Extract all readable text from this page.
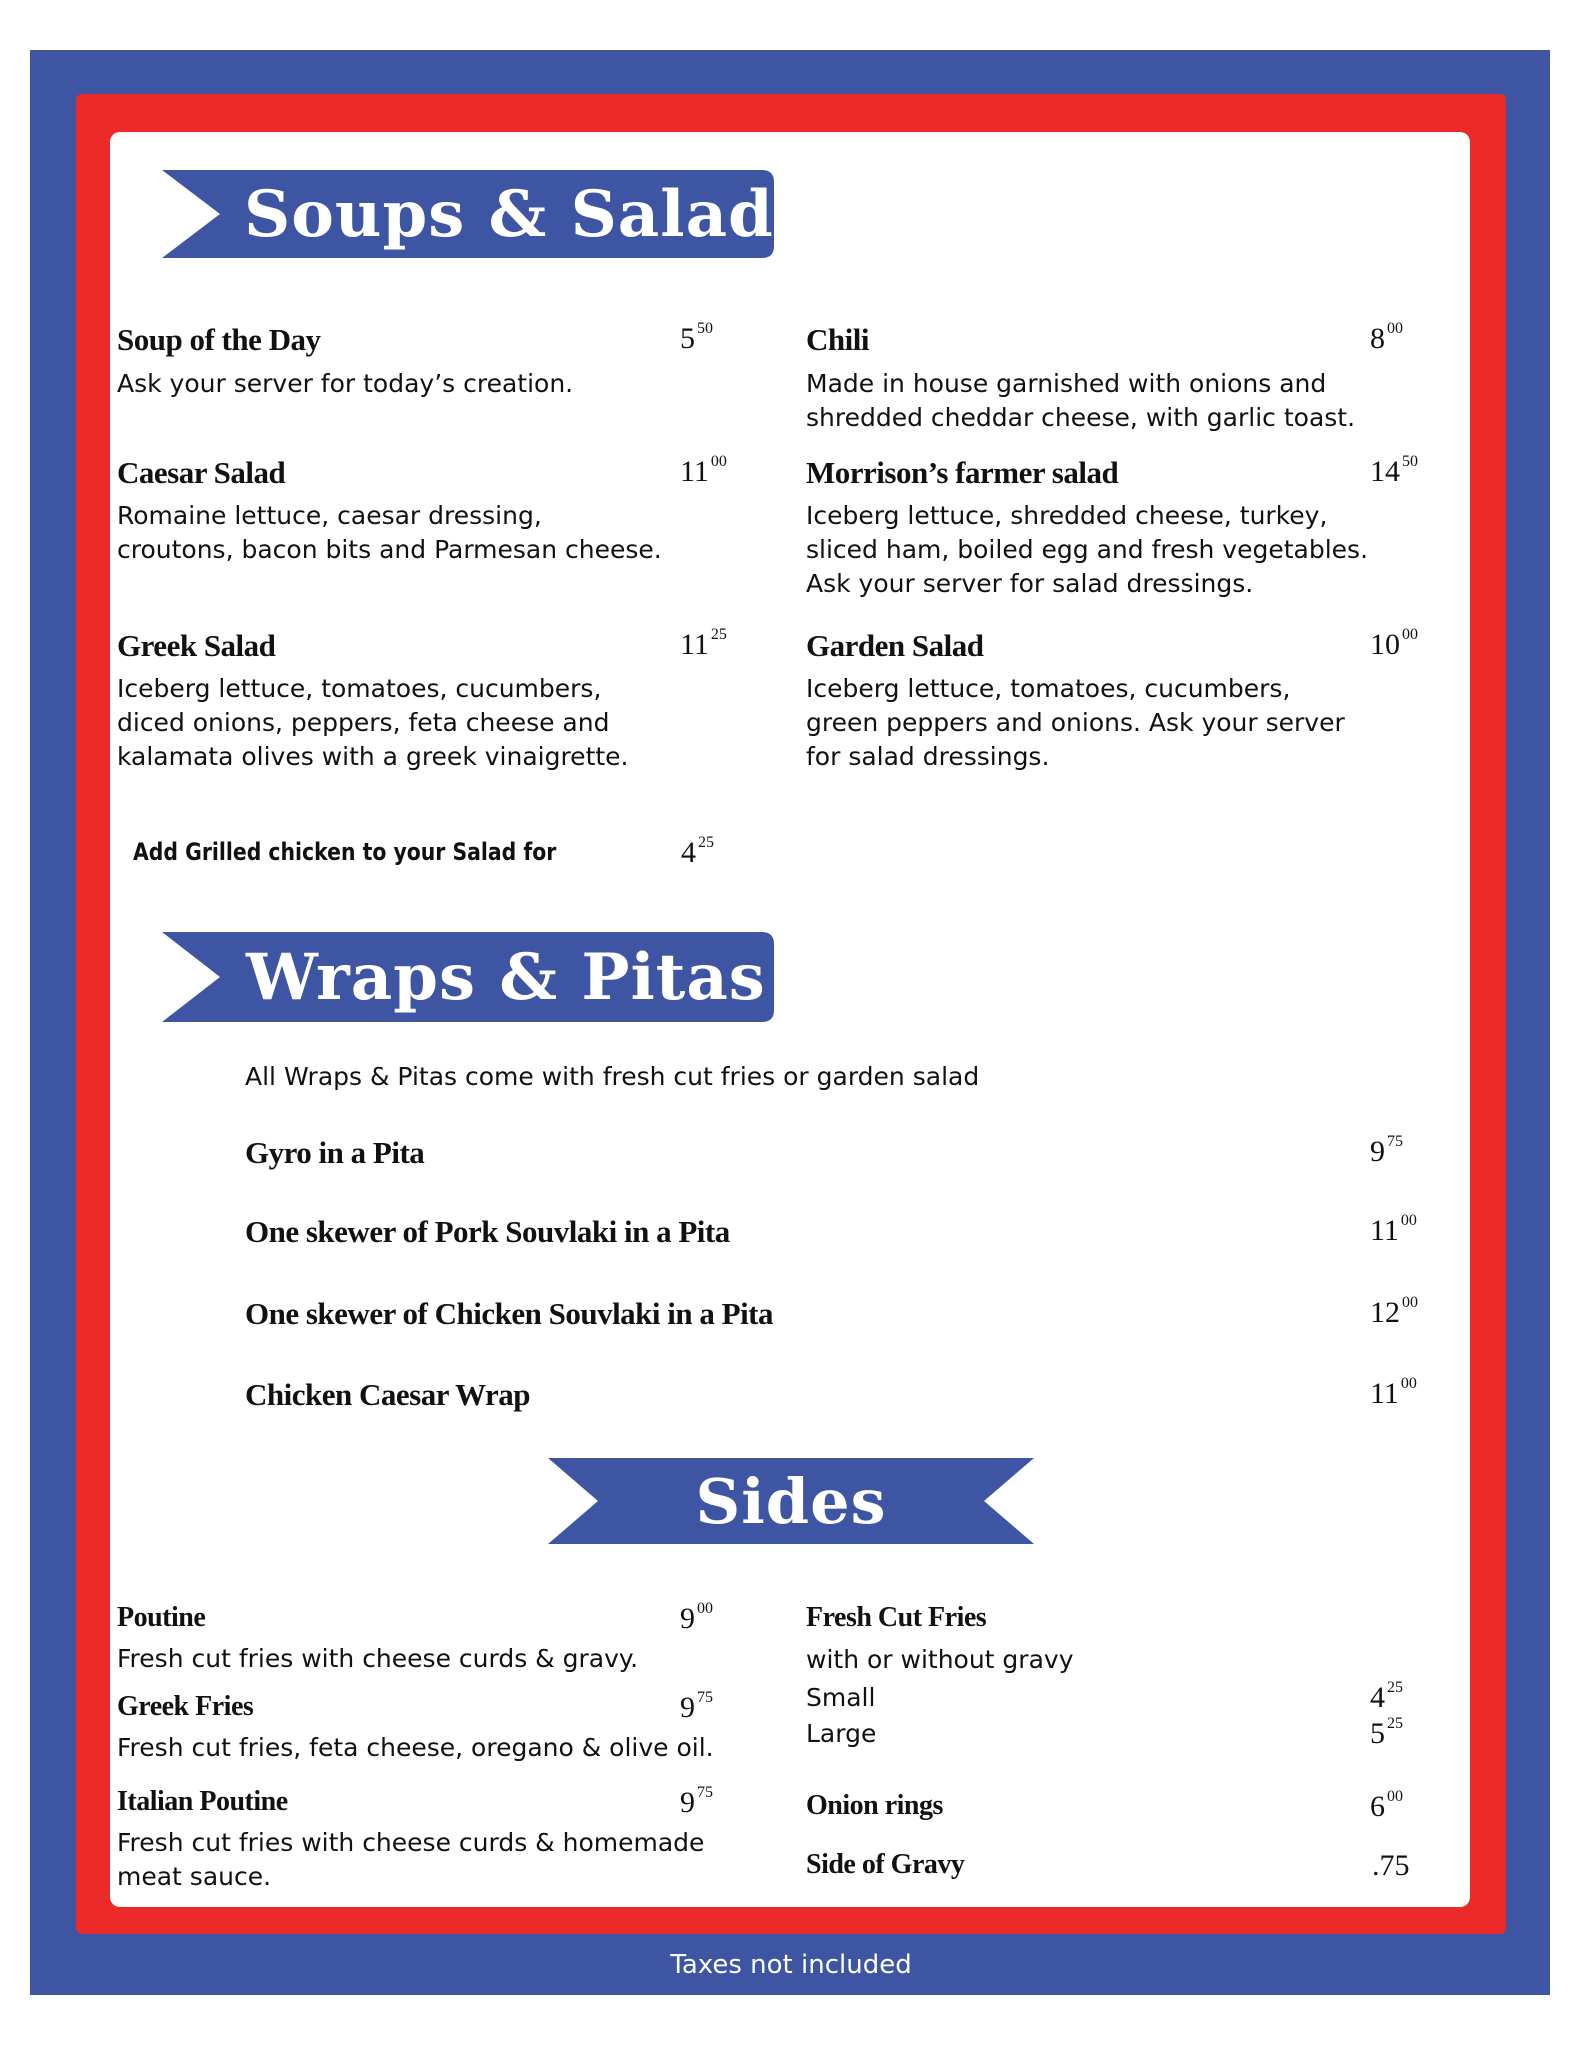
Soups & Salads
Soup of the Day	5 $^{50}$
Ask your server for today’s creation.
Chili	8 $^{00}$
Made in house garnished with onions and
shredded cheddar cheese, with garlic toast.
Caesar Salad	11 $^{00}$
Romaine lettuce, caesar dressing,
croutons, bacon bits and Parmesan cheese.
Morrison’s farmer salad	14 $^{50}$
Iceberg lettuce, shredded cheese, turkey,
sliced ham, boiled egg and fresh vegetables.
Ask your server for salad dressings.
Greek Salad	11 $^{25}$
Iceberg lettuce, tomatoes, cucumbers,
diced onions, peppers, feta cheese and
kalamata olives with a greek vinaigrette.
Garden Salad	10 $^{00}$
Iceberg lettuce, tomatoes, cucumbers,
green peppers and onions. Ask your server
for salad dressings.
Add Grilled chicken to your Salad for	4 $^{25}$
Wraps & Pitas
All Wraps & Pitas come with fresh cut fries or garden salad
Gyro in a Pita	9 $^{75}$
One skewer of Pork Souvlaki in a Pita	11 $^{00}$
One skewer of Chicken Souvlaki in a Pita	12 $^{00}$
Chicken Caesar Wrap	11 $^{00}$
Sides
Poutine	9 $^{00}$
Fresh cut fries with cheese curds & gravy.
Greek Fries	9 $^{75}$
Fresh cut fries, feta cheese, oregano & olive oil.
Italian Poutine	9 $^{75}$
Fresh cut fries with cheese curds & homemade
meat sauce.
Fresh Cut Fries
with or without gravy
Small	4 $^{25}$
Large	5 $^{25}$
Onion rings	6 $^{00}$
Side of Gravy	.75
Taxes not included
